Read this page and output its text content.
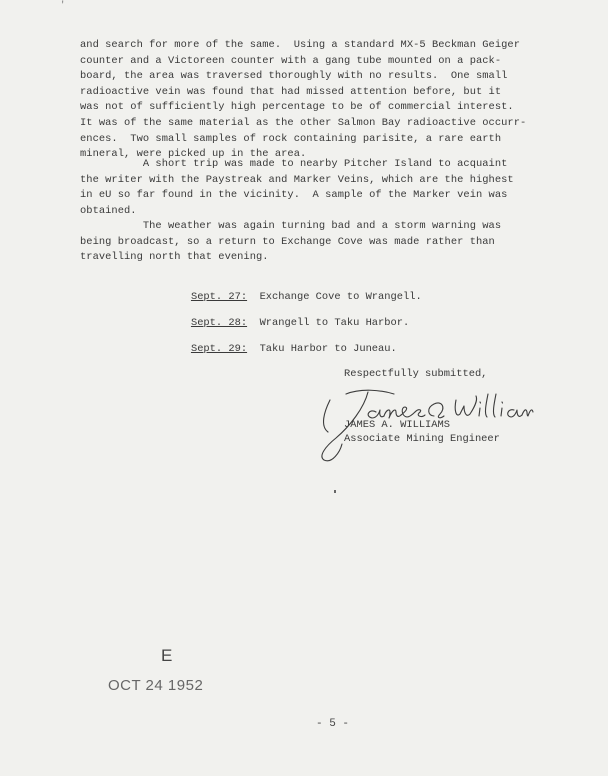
'
and search for more of the same.  Using a standard MX-5 Beckman Geiger
counter and a Victoreen counter with a gang tube mounted on a pack-
board, the area was traversed thoroughly with no results.  One small
radioactive vein was found that had missed attention before, but it
was not of sufficiently high percentage to be of commercial interest.
It was of the same material as the other Salmon Bay radioactive occurr-
ences.  Two small samples of rock containing parisite, a rare earth
mineral, were picked up in the area.
A short trip was made to nearby Pitcher Island to acquaint
the writer with the Paystreak and Marker Veins, which are the highest
in eU so far found in the vicinity.  A sample of the Marker vein was
obtained.
The weather was again turning bad and a storm warning was
being broadcast, so a return to Exchange Cove was made rather than
travelling north that evening.

Sept. 27: Exchange Cove to Wrangell.

Sept. 28: Wrangell to Taku Harbor.

Sept. 29: Taku Harbor to Juneau.

Respectfully submitted,
JAMES A. WILLIAMS
Associate Mining Engineer
E
OCT 24 1952
- 5 -
